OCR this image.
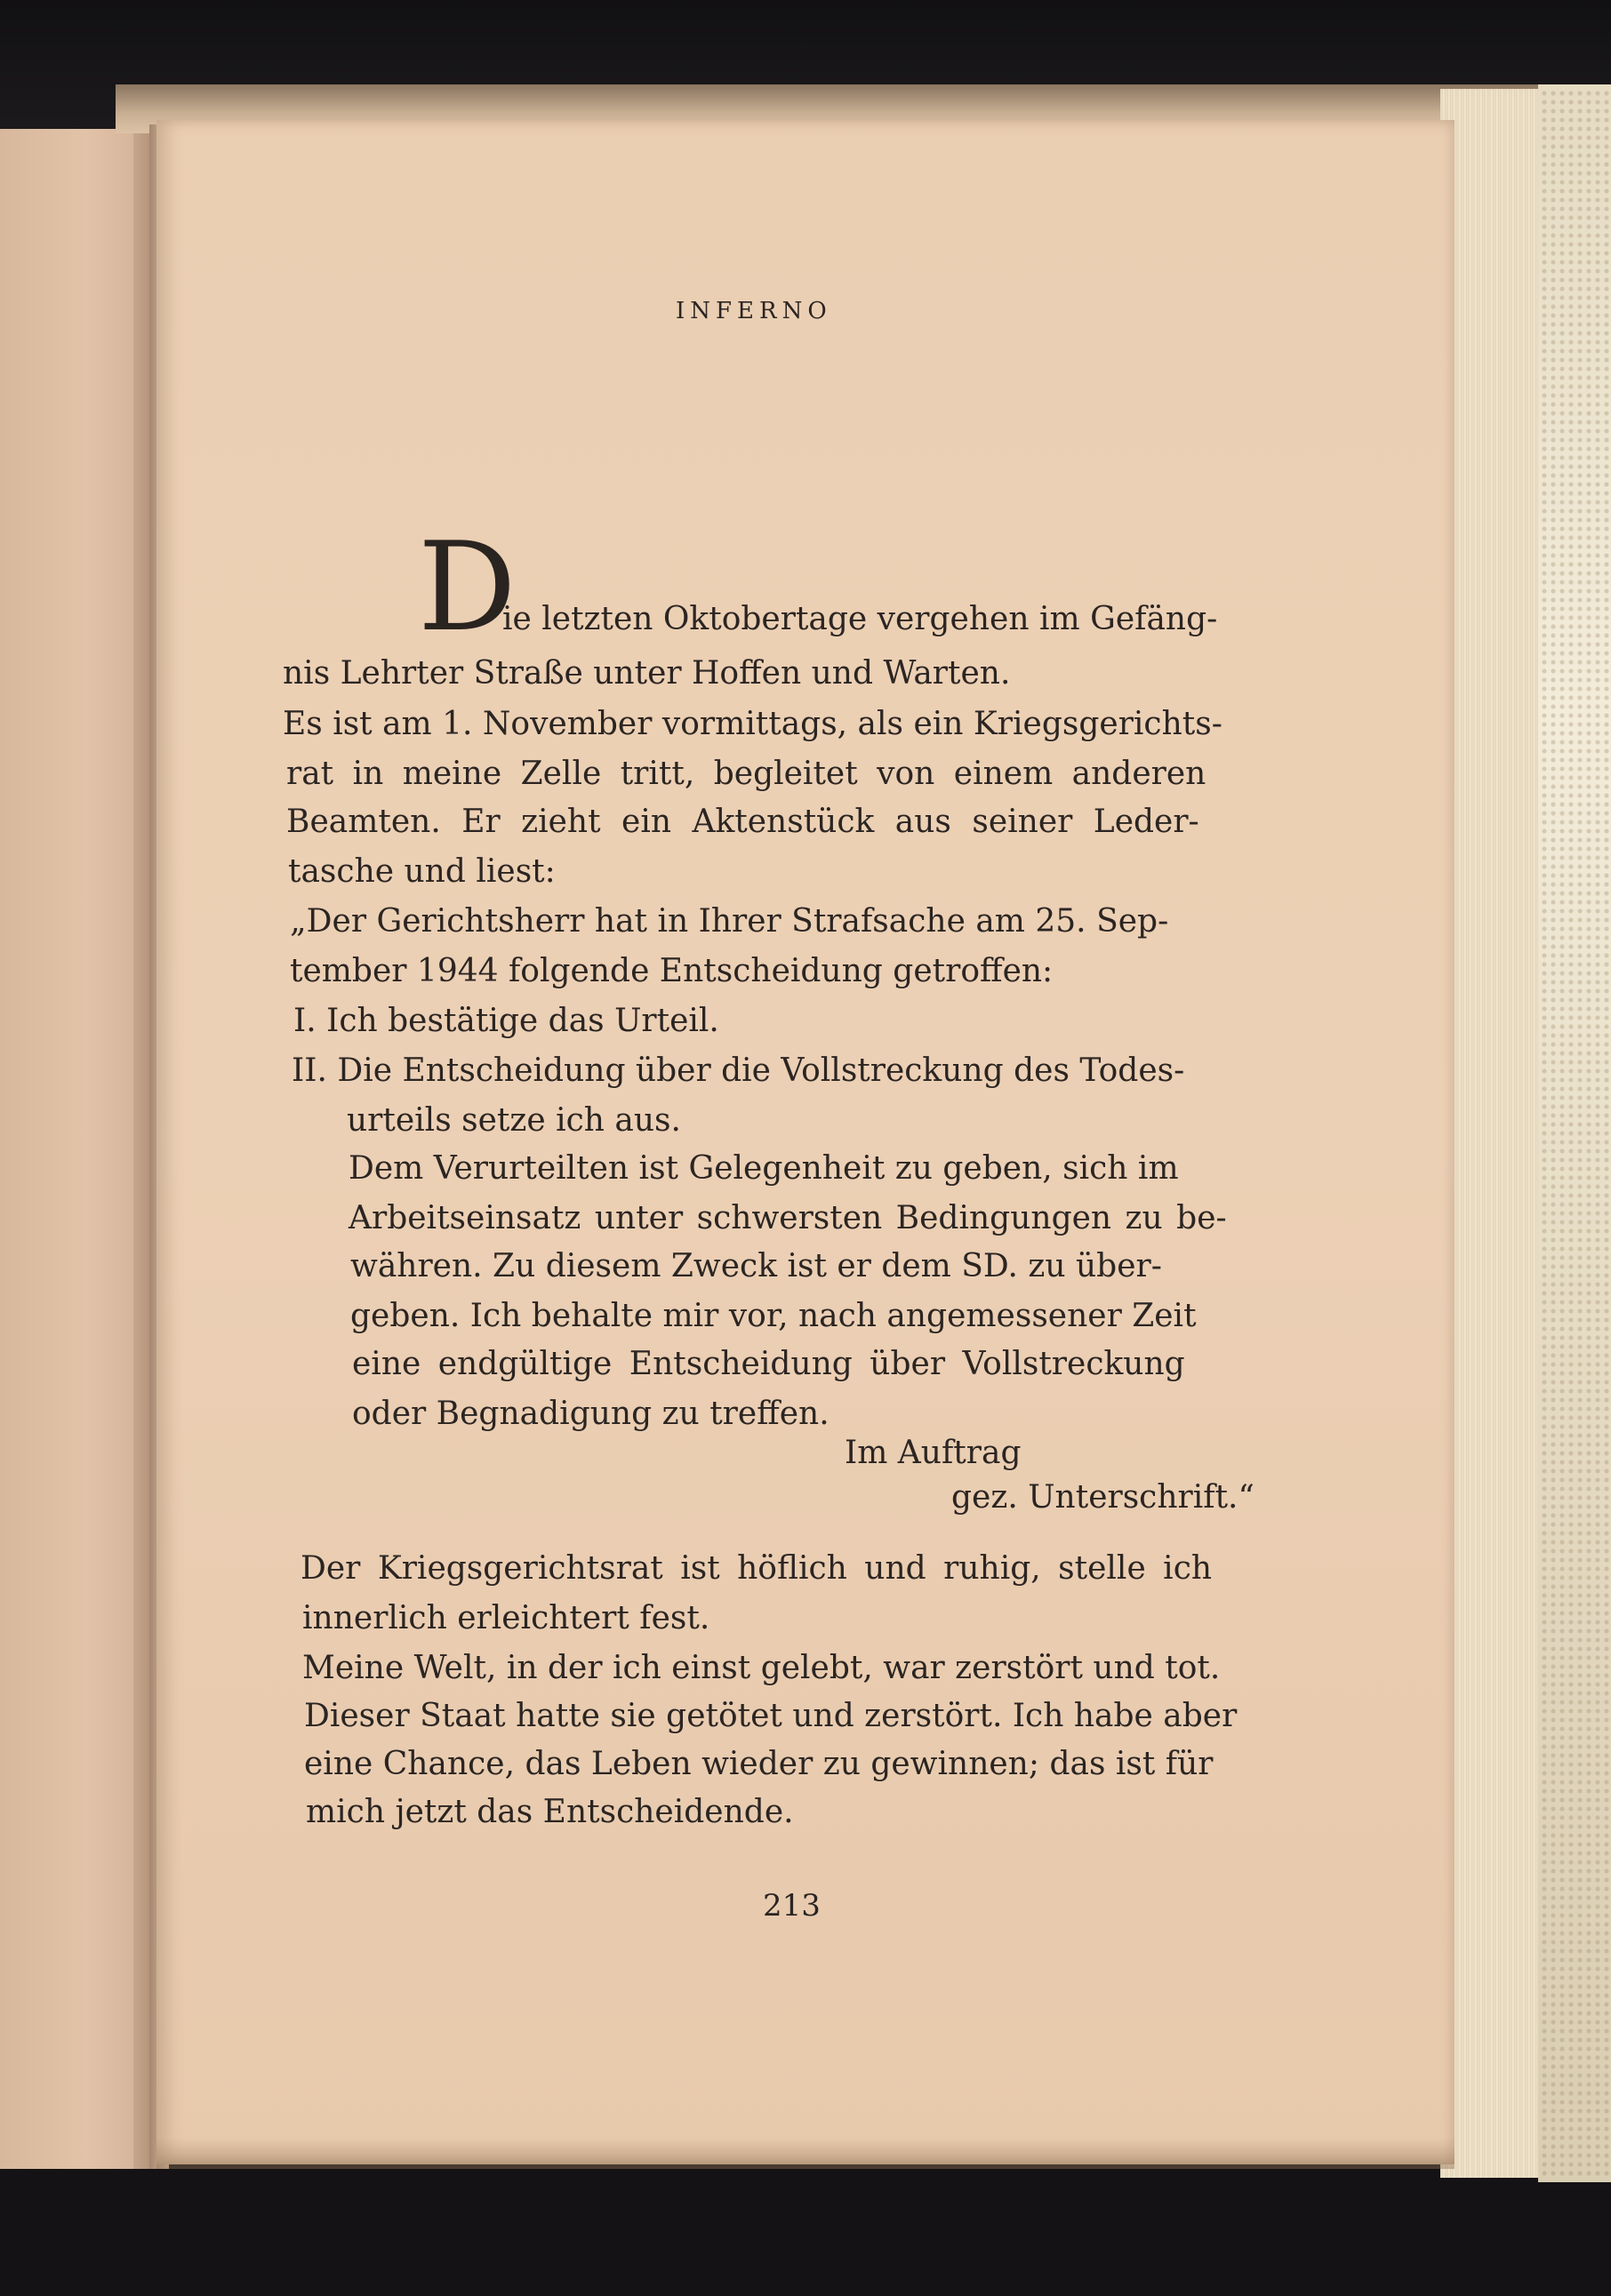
INFERNO
D
ie letzten Oktobertage vergehen im Gefäng-
nis Lehrter Straße unter Hoffen und Warten.
Es ist am 1. November vormittags, als ein Kriegsgerichts-
rat in meine Zelle tritt, begleitet von einem anderen
Beamten. Er zieht ein Aktenstück aus seiner Leder-
tasche und liest:
„Der Gerichtsherr hat in Ihrer Strafsache am 25. Sep-
tember 1944 folgende Entscheidung getroffen:
I. Ich bestätige das Urteil.
II. Die Entscheidung über die Vollstreckung des Todes-
urteils setze ich aus.
Dem Verurteilten ist Gelegenheit zu geben, sich im
Arbeitseinsatz unter schwersten Bedingungen zu be-
währen. Zu diesem Zweck ist er dem SD. zu über-
geben. Ich behalte mir vor, nach angemessener Zeit
eine endgültige Entscheidung über Vollstreckung
oder Begnadigung zu treffen.
Im Auftrag
gez. Unterschrift.“
Der Kriegsgerichtsrat ist höflich und ruhig, stelle ich
innerlich erleichtert fest.
Meine Welt, in der ich einst gelebt, war zerstört und tot.
Dieser Staat hatte sie getötet und zerstört. Ich habe aber
eine Chance, das Leben wieder zu gewinnen; das ist für
mich jetzt das Entscheidende.
213
